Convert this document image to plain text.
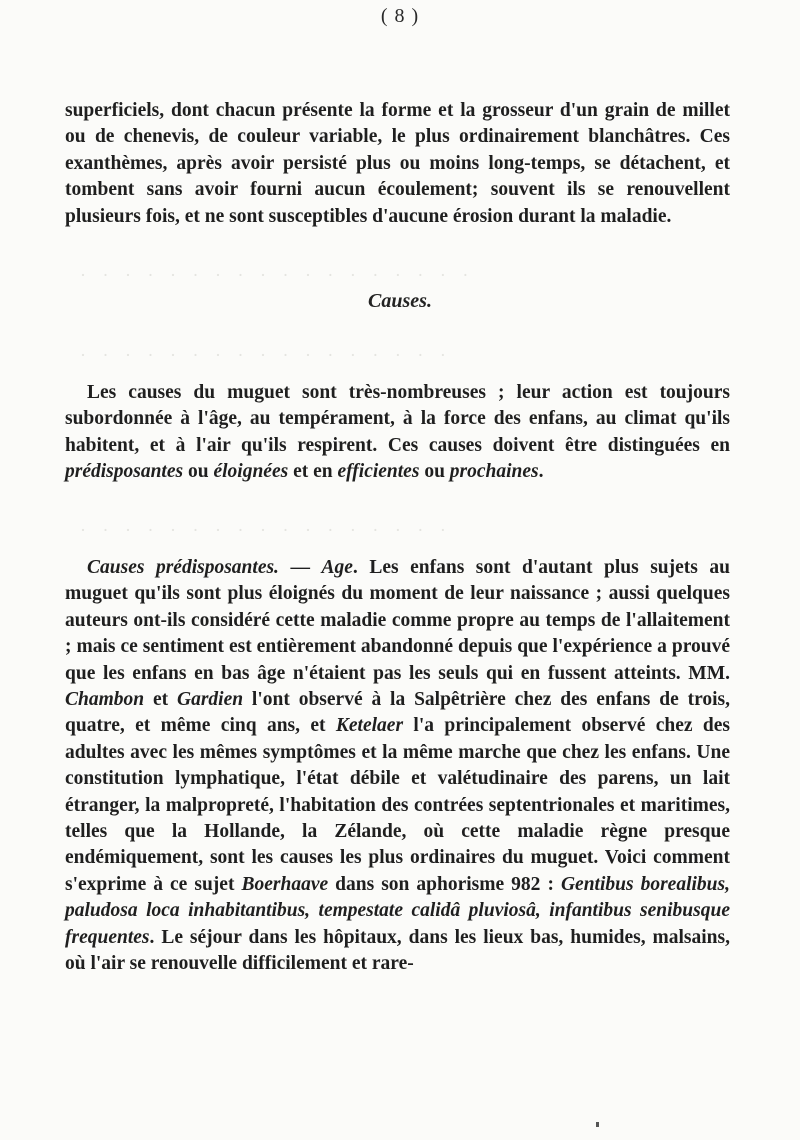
( 8 )
superficiels, dont chacun présente la forme et la grosseur d'un grain de millet ou de chenevis, de couleur variable, le plus ordinairement blanchâtres. Ces exanthèmes, après avoir persisté plus ou moins long-temps, se détachent, et tombent sans avoir fourni aucun écoulement; souvent ils se renouvellent plusieurs fois, et ne sont susceptibles d'aucune érosion durant la maladie.
· · · · · · · · · · · · · · · · · ·
Causes.
· · · · · · · · · · · · · · · · ·
Les causes du muguet sont très-nombreuses ; leur action est toujours subordonnée à l'âge, au tempérament, à la force des enfans, au climat qu'ils habitent, et à l'air qu'ils respirent. Ces causes doivent être distinguées en prédisposantes ou éloignées et en efficientes ou prochaines.
· · · · · · · · · · · · · · · · ·
Causes prédisposantes. — Age. Les enfans sont d'autant plus sujets au muguet qu'ils sont plus éloignés du moment de leur naissance ; aussi quelques auteurs ont-ils considéré cette maladie comme propre au temps de l'allaitement ; mais ce sentiment est entièrement abandonné depuis que l'expérience a prouvé que les enfans en bas âge n'étaient pas les seuls qui en fussent atteints. MM. Chambon et Gardien l'ont observé à la Salpêtrière chez des enfans de trois, quatre, et même cinq ans, et Ketelaer l'a principalement observé chez des adultes avec les mêmes symptômes et la même marche que chez les enfans. Une constitution lymphatique, l'état débile et valétudinaire des parens, un lait étranger, la malpropreté, l'habitation des contrées septentrionales et maritimes, telles que la Hollande, la Zélande, où cette maladie règne presque endémiquement, sont les causes les plus ordinaires du muguet. Voici comment s'exprime à ce sujet Boerhaave dans son aphorisme 982 : Gentibus borealibus, paludosa loca inhabitantibus, tempestate calidâ pluviosâ, infantibus senibusque frequentes. Le séjour dans les hôpitaux, dans les lieux bas, humides, malsains, où l'air se renouvelle difficilement et rare-
